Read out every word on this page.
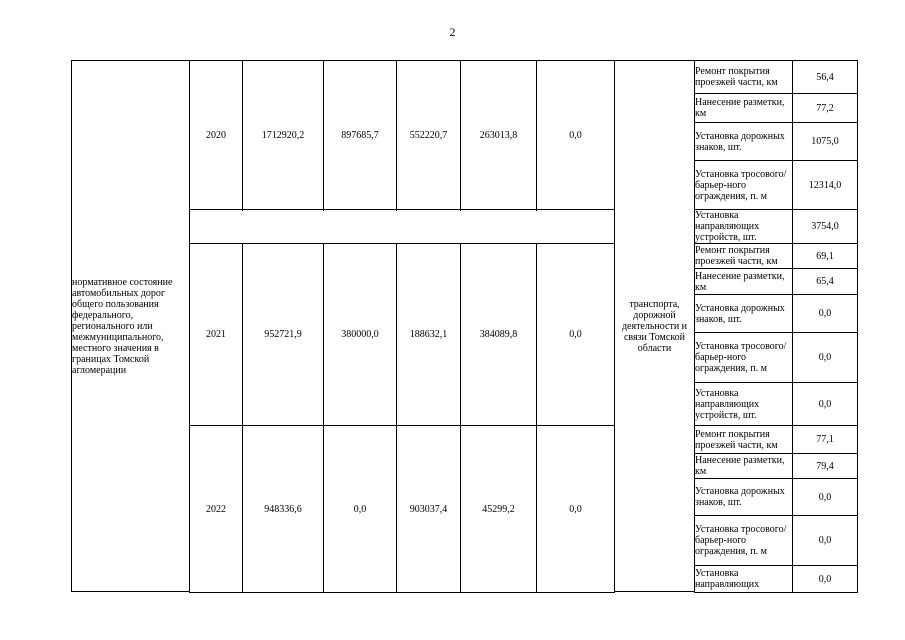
2
нормативное состояние автомобильных дорог общего пользования федерального, регионального или межмуниципального, местного значения в границах Томской агломерации	2020	1712920,2	897685,7	552220,7	263013,8	0,0	транспорта, дорожной деятельности и связи Томской области	Ремонт покрытия проезжей части, км	56,4
								Нанесение разметки, км	77,2
								Установка дорожных знаков, шт.	1075,0
								Установка тросового/барьер-ного ограждения, п. м	12314,0
								Установка направляющих устройств, шт.	3754,0

	2021	952721,9	380000,0	188632,1	384089,8	0,0		Ремонт покрытия проезжей части, км	69,1
								Нанесение разметки, км	65,4
								Установка дорожных знаков, шт.	0,0
								Установка тросового/барьер-ного ограждения, п. м	0,0
								Установка направляющих устройств, шт.	0,0

	2022	948336,6	0,0	903037,4	45299,2	0,0		Ремонт покрытия проезжей части, км	77,1
								Нанесение разметки, км	79,4
								Установка дорожных знаков, шт.	0,0
								Установка тросового/барьер-ного ограждения, п. м	0,0
								Установка направляющих	0,0
